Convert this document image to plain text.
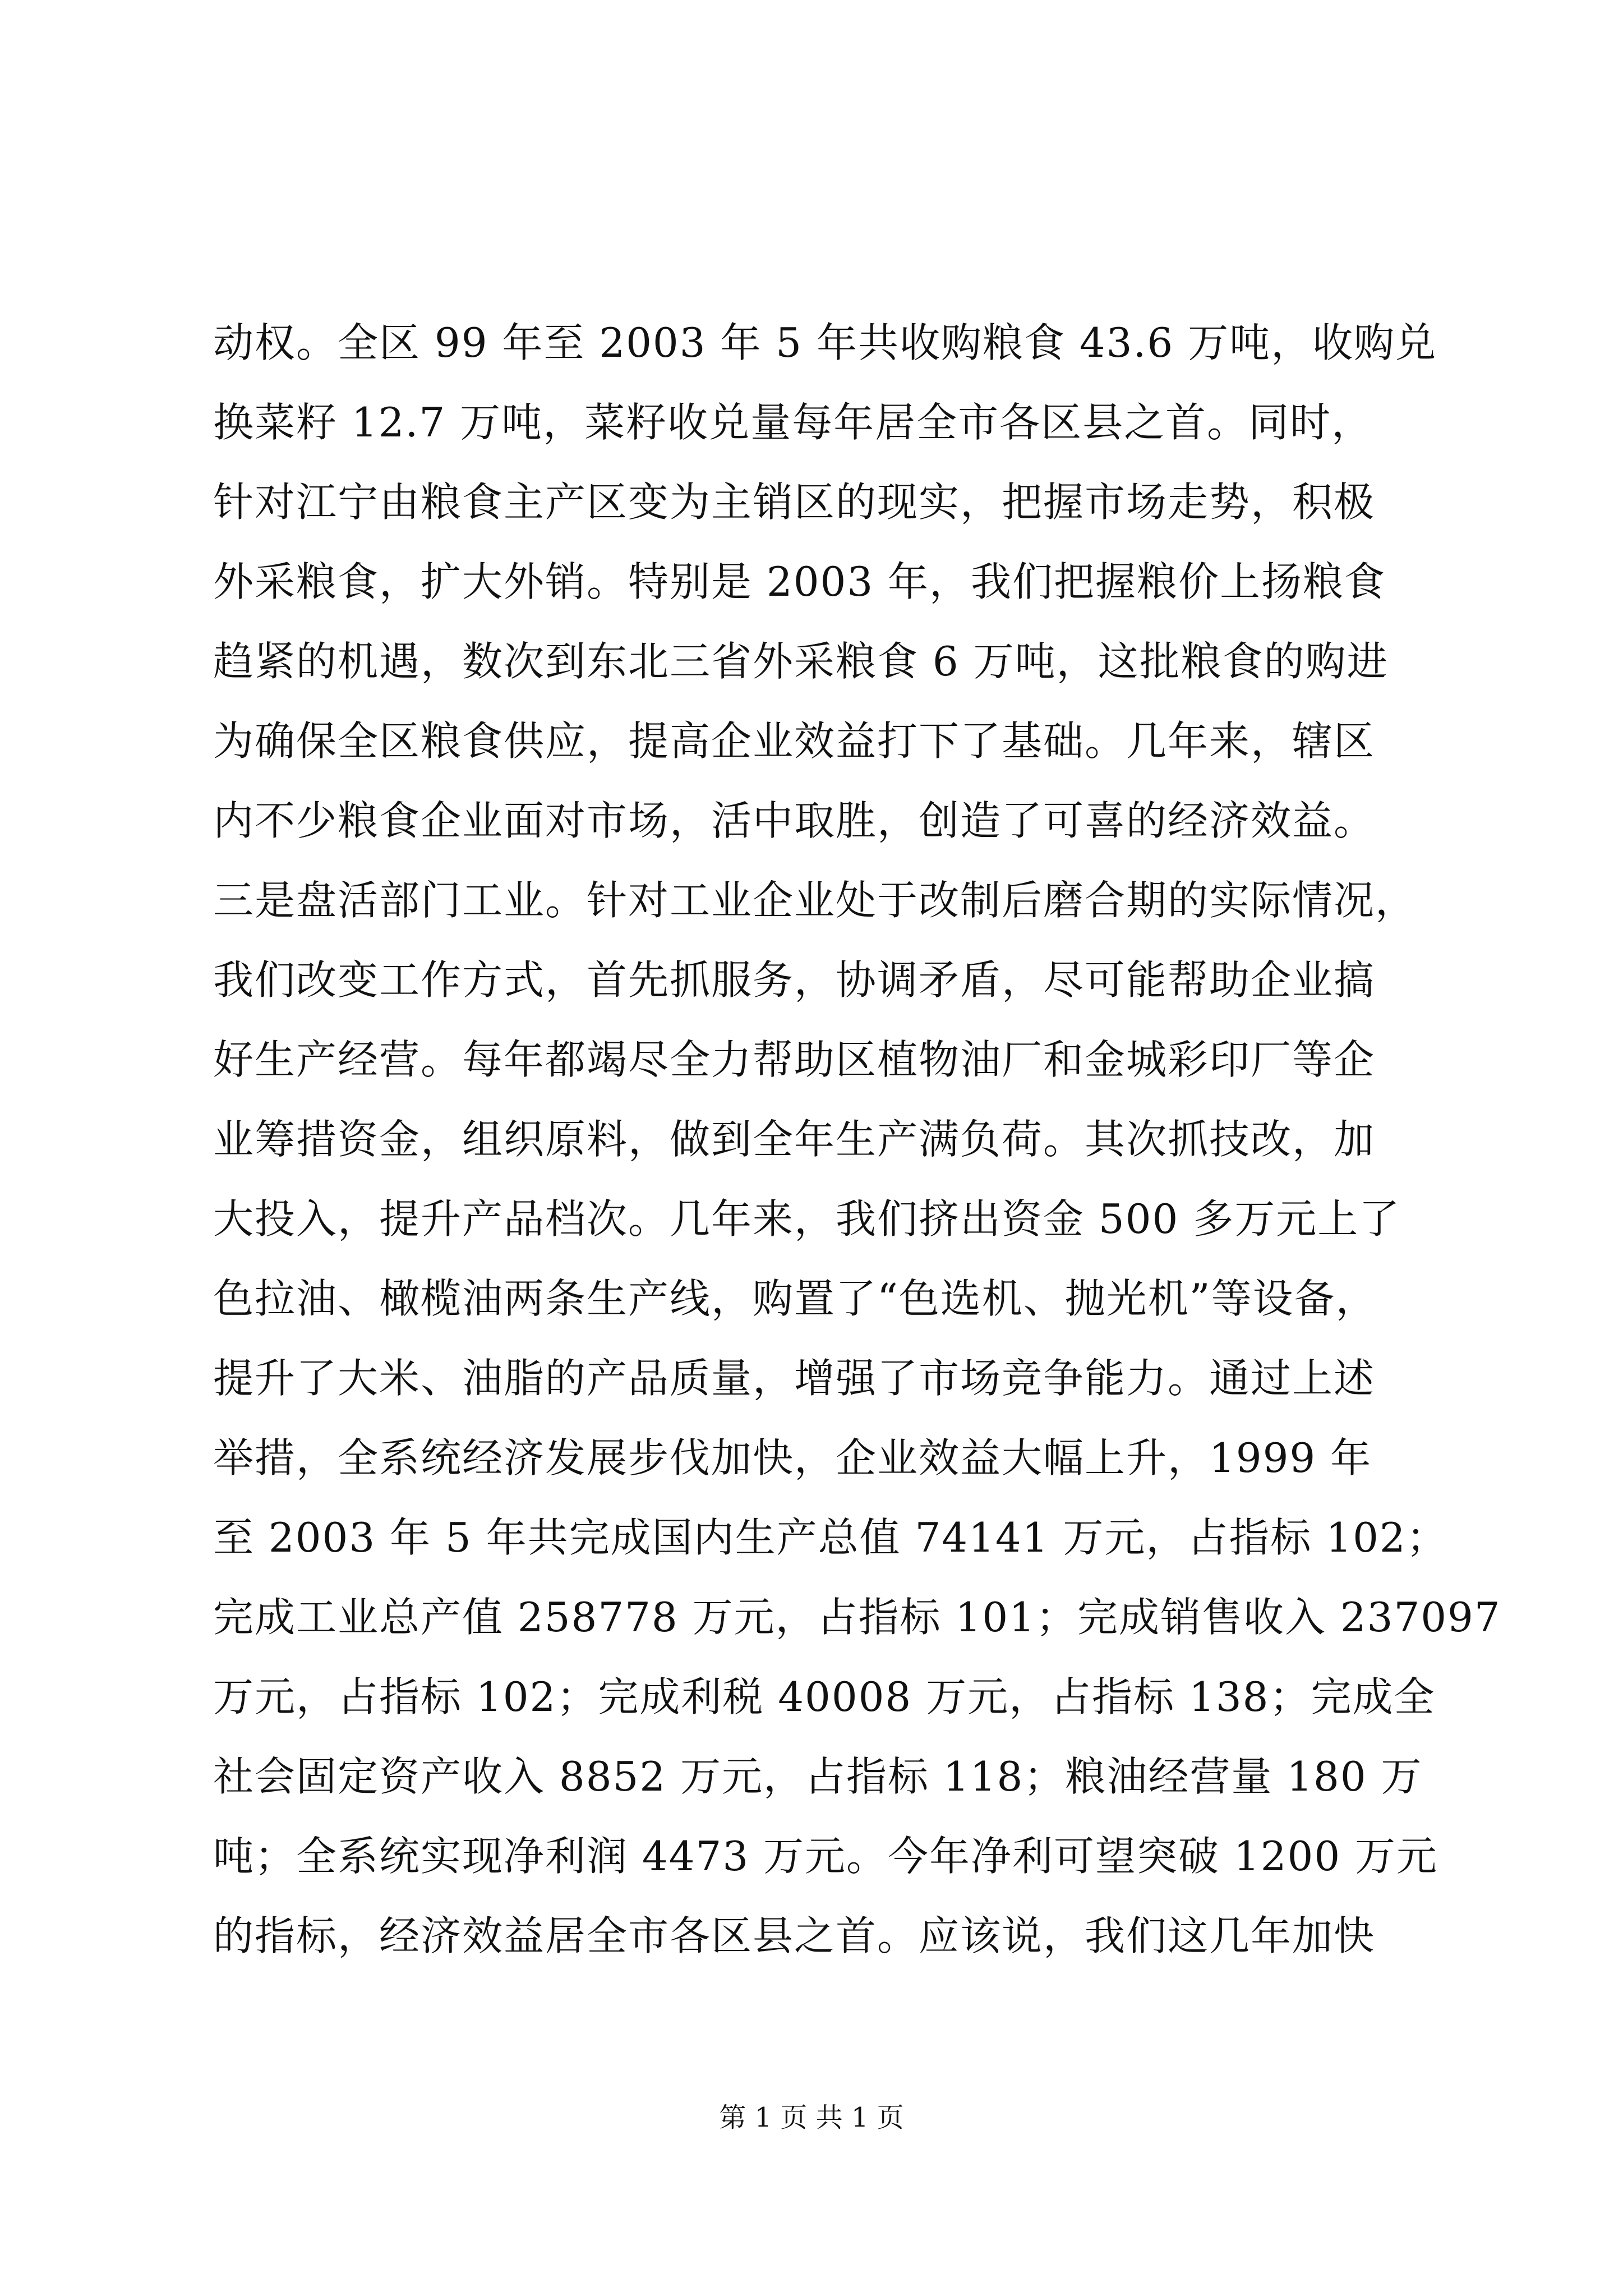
动权。全区 99 年至 2003 年 5 年共收购粮食 43.6 万吨，收购兑
换菜籽 12.7 万吨，菜籽收兑量每年居全市各区县之首。同时，
针对江宁由粮食主产区变为主销区的现实，把握市场走势，积极
外采粮食，扩大外销。特别是 2003 年，我们把握粮价上扬粮食
趋紧的机遇，数次到东北三省外采粮食 6 万吨，这批粮食的购进
为确保全区粮食供应，提高企业效益打下了基础。几年来，辖区
内不少粮食企业面对市场，活中取胜，创造了可喜的经济效益。
三是盘活部门工业。针对工业企业处于改制后磨合期的实际情况，
我们改变工作方式，首先抓服务，协调矛盾，尽可能帮助企业搞
好生产经营。每年都竭尽全力帮助区植物油厂和金城彩印厂等企
业筹措资金，组织原料，做到全年生产满负荷。其次抓技改，加
大投入，提升产品档次。几年来，我们挤出资金 500 多万元上了
色拉油、橄榄油两条生产线，购置了“色选机、抛光机”等设备，
提升了大米、油脂的产品质量，增强了市场竞争能力。通过上述
举措，全系统经济发展步伐加快，企业效益大幅上升，1999 年
至 2003 年 5 年共完成国内生产总值 74141 万元，占指标 102；
完成工业总产值 258778 万元，占指标 101；完成销售收入 237097
万元，占指标 102；完成利税 40008 万元，占指标 138；完成全
社会固定资产收入 8852 万元，占指标 118；粮油经营量 180 万
吨；全系统实现净利润 4473 万元。今年净利可望突破 1200 万元
的指标，经济效益居全市各区县之首。应该说，我们这几年加快
第 1 页 共 1 页
